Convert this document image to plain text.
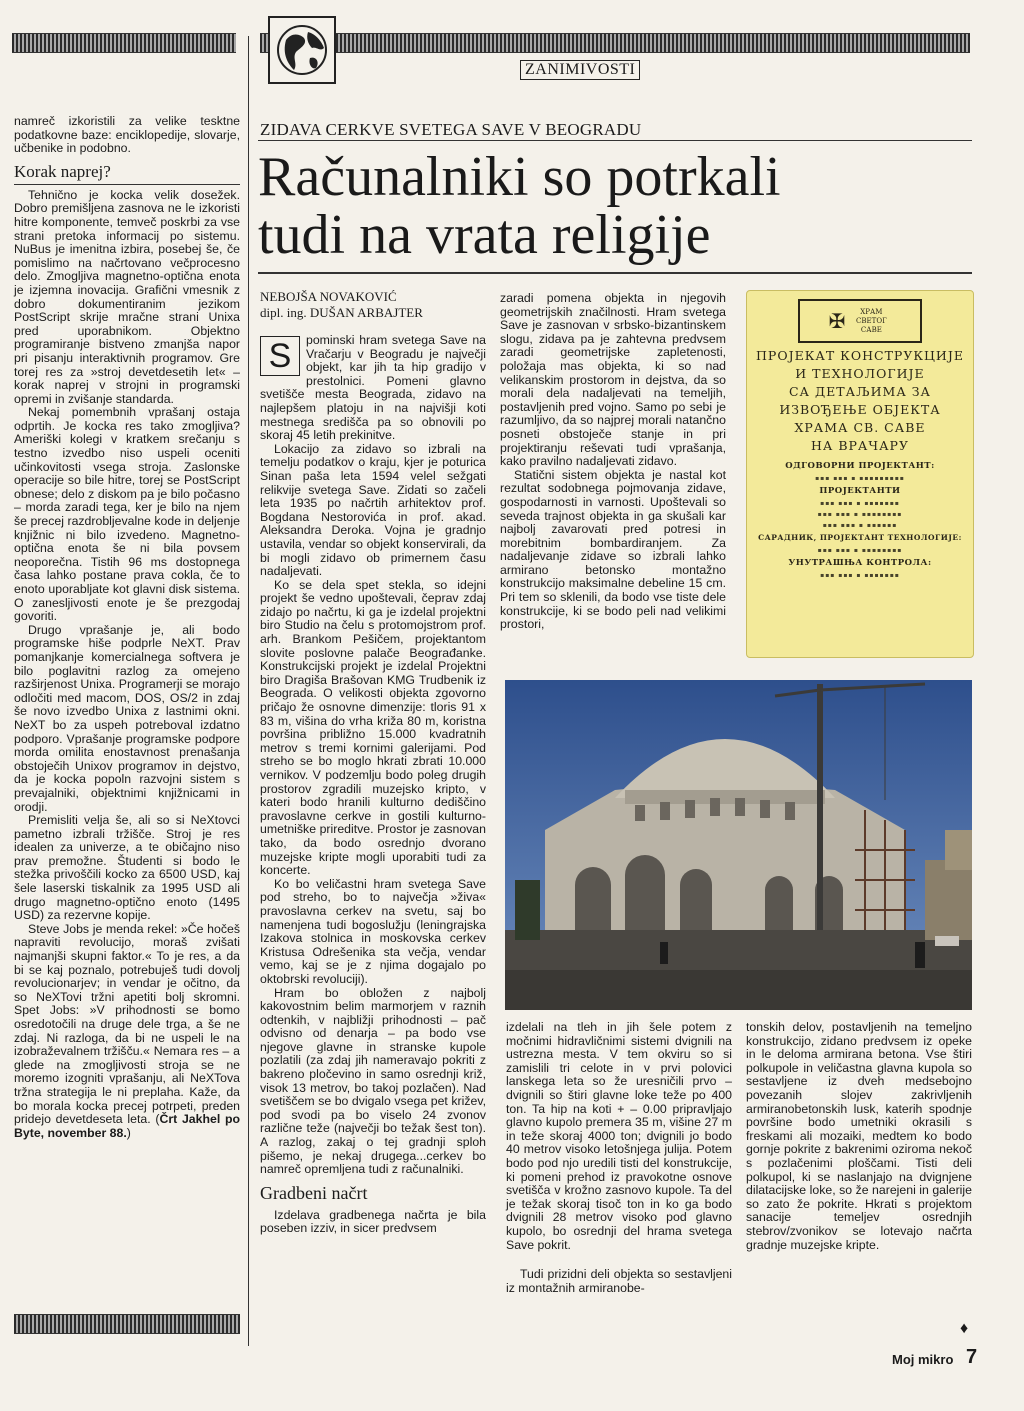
ZANIMIVOSTI

namreč izkoristili za velike tesktne podatkovne baze: enciklopedije, slovarje, učbenike in podobno.

Korak naprej?

Tehnično je kocka velik dosežek. Dobro premišljena zasnova ne le izkoristi hitre komponente, temveč poskrbi za vse strani pretoka informacij po sistemu. NuBus je imenitna izbira, posebej še, če pomislimo na načrtovano večprocesno delo. Zmogljiva magnetno-optična enota je izjemna inovacija. Grafični vmesnik z dobro dokumentiranim jezikom PostScript skrije mračne strani Unixa pred uporabnikom. Objektno programiranje bistveno zmanjša napor pri pisanju interaktivnih programov. Gre torej res za »stroj devetdesetih let« – korak naprej v strojni in programski opremi in zvišanje standarda.

Nekaj pomembnih vprašanj ostaja odprtih. Je kocka res tako zmogljiva? Ameriški kolegi v kratkem srečanju s testno izvedbo niso uspeli oceniti učinkovitosti vsega stroja. Zaslonske operacije so bile hitre, torej se PostScript obnese; delo z diskom pa je bilo počasno – morda zaradi tega, ker je bilo na njem še precej razdrobljevalne kode in deljenje knjižnic ni bilo izvedeno. Magnetno-optična enota še ni bila povsem neoporečna. Tistih 96 ms dostopnega časa lahko postane prava cokla, če to enoto uporabljate kot glavni disk sistema. O zanesljivosti enote je še prezgodaj govoriti.

Drugo vprašanje je, ali bodo programske hiše podprle NeXT. Prav pomanjkanje komercialnega softvera je bilo poglavitni razlog za omejeno razširjenost Unixa. Programerji se morajo odločiti med macom, DOS, OS/2 in zdaj še novo izvedbo Unixa z lastnimi okni. NeXT bo za uspeh potreboval izdatno podporo. Vprašanje programske podpore morda omilita enostavnost prenašanja obstoječih Unixov programov in dejstvo, da je kocka popoln razvojni sistem s prevajalniki, objektnimi knjižnicami in orodji.

Premisliti velja še, ali so si NeXtovci pametno izbrali tržišče. Stroj je res idealen za univerze, a te običajno niso prav premožne. Študenti si bodo le stežka privoščili kocko za 6500 USD, kaj šele laserski tiskalnik za 1995 USD ali drugo magnetno-optično enoto (1495 USD) za rezervne kopije.

Steve Jobs je menda rekel: »Če hočeš napraviti revolucijo, moraš zvišati najmanjši skupni faktor.« To je res, a da bi se kaj poznalo, potrebuješ tudi dovolj revolucionarjev; in vendar je očitno, da so NeXTovi tržni apetiti bolj skromni. Spet Jobs: »V prihodnosti se bomo osredotočili na druge dele trga, a še ne zdaj. Ni razloga, da bi ne uspeli le na izobraževalnem tržišču.« Nemara res – a glede na zmogljivosti stroja se ne moremo izogniti vprašanju, ali NeXTova tržna strategija le ni preplaha. Kažе, da bo morala kocka precej potrpeti, preden pridejo devetdeseta leta. (Črt Jakhel po Byte, november 88.)

ZIDAVA CERKVE SVETEGA SAVE V BEOGRADU
Računalniki so potrkali
tudi na vrata religije
NEBOJŠA NOVAKOVIĆ
dipl. ing. DUŠAN ARBAJTER

S	pominski hram svetega Save na Vračarju v Beogradu je največji objekt, kar jih ta hip gradijo v prestolnici. Pomeni glavno svetišče mesta Beograda, zidavo na najlepšem platoju in na najvišji koti mestnega središča pa so obnovili po skoraj 45 letih prekinitve.

Lokacijo za zidavo so izbrali na temelju podatkov o kraju, kjer je poturica Sinan paša leta 1594 velel sežgati relikvije svetega Save. Zidati so začeli leta 1935 po načrtih arhitektov prof. Bogdana Nestorovića in prof. akad. Aleksandra Deroka. Vojna je gradnjo ustavila, vendar so objekt konservirali, da bi mogli zidavo ob primernem času nadaljevati.

Ko se dela spet stekla, so idejni projekt še vedno upoštevali, čeprav zdaj zidajo po načrtu, ki ga je izdelal projektni biro Studio na čelu s protomojstrom prof. arh. Brankom Pešičem, projektantom slovite poslovne palače Beograđanke. Konstrukcijski projekt je izdelal Projektni biro Dragiša Brašovan KMG Trudbenik iz Beograda. O velikosti objekta zgovorno pričajo že osnovne dimenzije: tloris 91 x 83 m, višina do vrha križa 80 m, koristna površina približno 15.000 kvadratnih metrov s tremi kornimi galerijami. Pod streho se bo moglo hkrati zbrati 10.000 vernikov. V podzemlju bodo poleg drugih prostorov zgradili muzejsko kripto, v kateri bodo hranili kulturno dediščino pravoslavne cerkve in gostili kulturno-umetniške prireditve. Prostor je zasnovan tako, da bodo osrednjo dvorano muzejske kripte mogli uporabiti tudi za koncerte.

Ko bo veličastni hram svetega Save pod streho, bo to največja »živa« pravoslavna cerkev na svetu, saj bo namenjena tudi bogoslužju (leningrajska Izakova stolnica in moskovska cerkev Kristusa Odrešenika sta večja, vendar vemo, kaj se je z njima dogajalo po oktobrski revoluciji).

Hram bo obložen z najbolj kakovostnim belim marmorjem v raznih odtenkih, v najbližji prihodnosti – pač odvisno od denarja – pa bodo vse njegove glavne in stranske kupole pozlatili (za zdaj jih nameravajo pokriti z bakreno pločevino in samo osrednji križ, visok 13 metrov, bo takoj pozlačen). Nad svetiščem se bo dvigalo vsega pet križev, pod svodi pa bo viselo 24 zvonov različne teže (največji bo težak šest ton). A razlog, zakaj o tej gradnji sploh pišemo, je nekaj drugega...cerkev bo namreč opremljena tudi z računalniki.

Gradbeni načrt

Izdelava gradbenega načrta je bila poseben izziv, in sicer predvsem

zaradi pomena objekta in njegovih geometrijskih značilnosti. Hram svetega Save je zasnovan v srbsko-bizantinskem slogu, zidava pa je zahtevna predvsem zaradi geometrijske zapletenosti, položaja mas objekta, ki so nad velikanskim prostorom in dejstva, da so morali dela nadaljevati na temeljih, postavljenih pred vojno. Samo po sebi je razumljivo, da so najprej morali natančno posneti obstoječe stanje in pri projektiranju reševati tudi vprašanja, kako pravilno nadaljevati zidavo.

Statični sistem objekta je nastal kot rezultat sodobnega pojmovanja zidave, gospodarnosti in varnosti. Upoštevali so seveda trajnost objekta in ga skušali kar najbolj zavarovati pred potresi in morebitnim bombardiranjem. Za nadaljevanje zidave so izbrali lahko armirano betonsko montažno konstrukcijo maksimalne debeline 15 cm. Pri tem so sklenili, da bodo vse tiste dele konstrukcije, ki se bodo peli nad velikimi prostori,

✠	ХРАМ СВЕТОГ САВЕ
ПРОЈЕКАТ КОНСТРУКЦИЈЕ
И ТЕХНОЛОГИЈЕ
СА ДЕТАЉИМА ЗА
ИЗВОЂЕЊЕ ОБЈЕКТА
ХРАМА СВ. САВЕ
НА ВРАЧАРУ
ОДГОВОРНИ ПРОЈЕКТАНТ:
▪▪▪ ▪▪▪ ▪ ▪▪▪▪▪▪▪▪▪
ПРОЈЕКТАНТИ
▪▪▪ ▪▪▪ ▪ ▪▪▪▪▪▪▪
▪▪▪ ▪▪▪ ▪ ▪▪▪▪▪▪▪▪
▪▪▪ ▪▪▪ ▪ ▪▪▪▪▪▪
САРАДНИК, ПРОЈЕКТАНТ ТЕХНОЛОГИЈЕ:
▪▪▪ ▪▪▪ ▪ ▪▪▪▪▪▪▪▪
УНУТРАШЊА КОНТРОЛА:
▪▪▪ ▪▪▪ ▪ ▪▪▪▪▪▪▪

izdelali na tleh in jih šele potem z močnimi hidravličnimi sistemi dvignili na ustrezna mesta. V tem okviru so si zamislili tri celote in v prvi polovici lanskega leta so že uresničili prvo – dvignili so štiri glavne loke teže po 400 ton. Ta hip na koti + – 0.00 pripravljajo glavno kupolo premera 35 m, višine 27 m in teže skoraj 4000 ton; dvignili jo bodo 40 metrov visoko letošnjega julija. Potem bodo pod njo uredili tisti del konstrukcije, ki pomeni prehod iz pravokotne osnove svetišča v krožno zasnovo kupole. Ta del je težak skoraj tisoč ton in ko ga bodo dvignili 28 metrov visoko pod glavno kupolo, bo osrednji del hrama svetega Save pokrit.

Tudi prizidni deli objekta so sestavljeni iz montažnih armiranobe-

tonskih delov, postavljenih na temeljno konstrukcijo, zidano predvsem iz opeke in le deloma armirana betona. Vse štiri polkupole in veličastna glavna kupola so sestavljene iz dveh medsebojno povezanih slojev zakrivljenih armiranobetonskih lusk, katerih spodnje površine bodo umetniki okrasili s freskami ali mozaiki, medtem ko bodo gornje pokrite z bakrenimi oziroma nekoč s pozlačenimi ploščami. Tisti deli polkupol, ki se naslanjajo na dvignjene dilatacijske loke, so že narejeni in galerije so zato že pokrite. Hkrati s projektom sanacije temeljev osrednjih stebrov/zvonikov se lotevajo načrta gradnje muzejske kripte.

♦
Moj mikro 7
